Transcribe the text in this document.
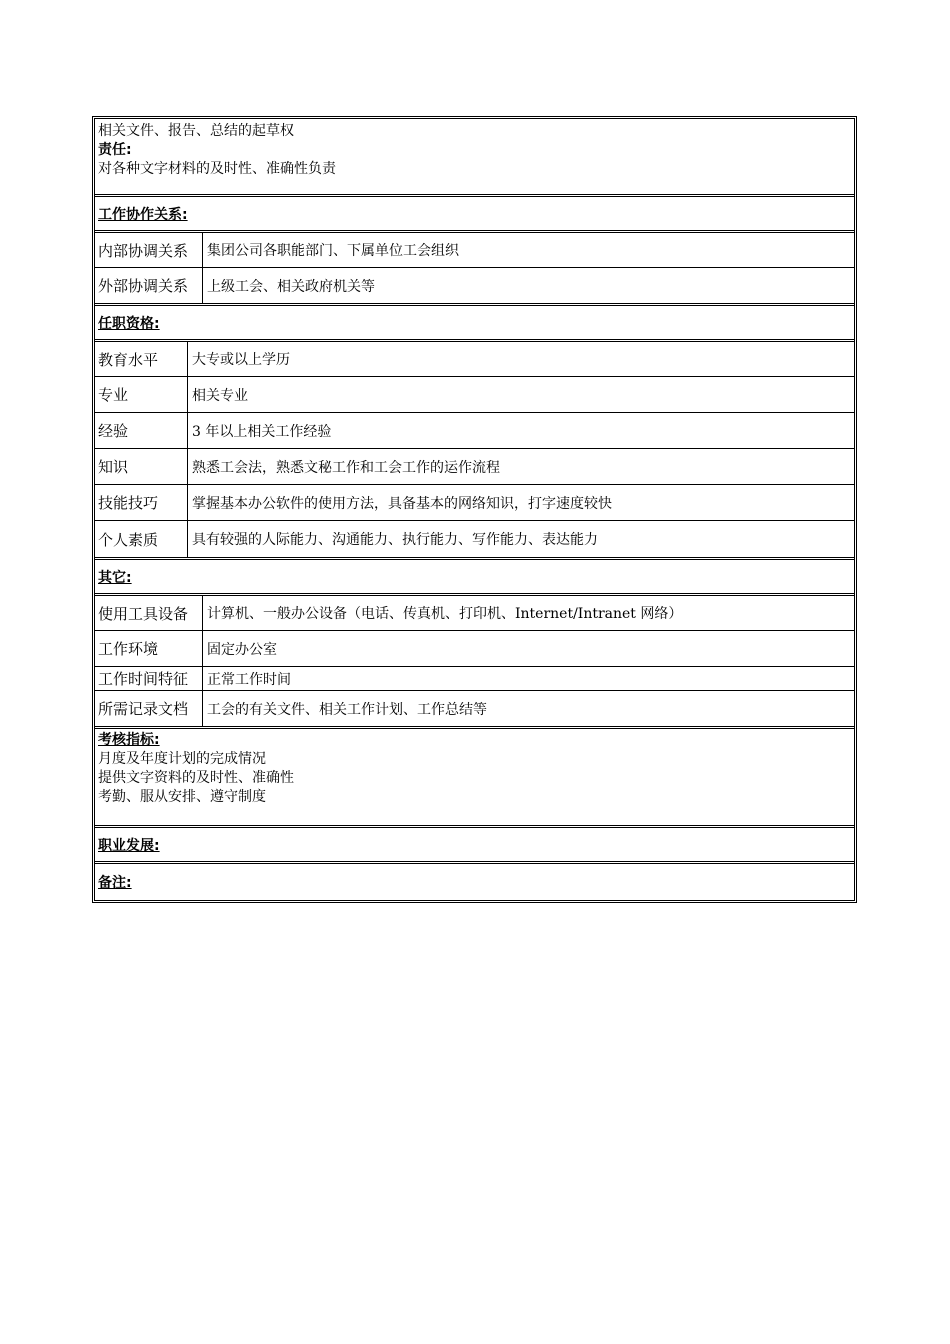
相关文件、报告、总结的起草权
责任:
对各种文字材料的及时性、准确性负责
工作协作关系:
内部协调关系	集团公司各职能部门、下属单位工会组织
外部协调关系	上级工会、相关政府机关等
任职资格:
教育水平	大专或以上学历
专业	相关专业
经验	3 年以上相关工作经验
知识	熟悉工会法，熟悉文秘工作和工会工作的运作流程
技能技巧	掌握基本办公软件的使用方法，具备基本的网络知识，打字速度较快
个人素质	具有较强的人际能力、沟通能力、执行能力、写作能力、表达能力
其它:
使用工具设备	计算机、一般办公设备（电话、传真机、打印机、Internet/Intranet 网络）
工作环境	固定办公室
工作时间特征	正常工作时间
所需记录文档	工会的有关文件、相关工作计划、工作总结等
考核指标:
月度及年度计划的完成情况
提供文字资料的及时性、准确性
考勤、服从安排、遵守制度
职业发展:
备注:
